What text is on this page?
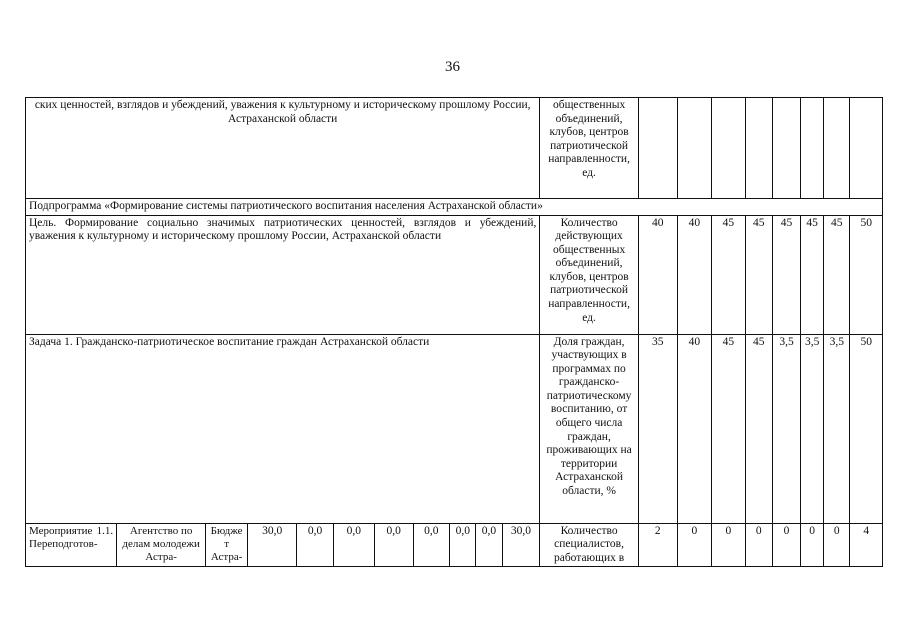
36
ских ценностей, взглядов и убеждений, уважения к культурному и историческому прошлому России, Астраханской области											общественных объединений, клубов, центров патриотической направленности, ед.								
Подпрограмма «Формирование системы патриотического воспитания населения Астраханской области»																			
Цель. Формирование социально значимых патриотических ценностей, взглядов и убеждений, уважения к культурному и историческому прошлому России, Астраханской области											Количество действующих общественных объединений, клубов, центров патриотической направленности, ед.	40	40	45	45	45	45	45	50
Задача 1. Гражданско-патриотическое воспитание граждан Астраханской области											Доля граждан, участвующих в программах по гражданско-патриотическому воспитанию, от общего числа граждан, проживающих на территории Астраханской области, %	35	40	45	45	3,5	3,5	3,5	50
Мероприятие 1.1. Переподготов-	Агентство по делам молодежи Астра-	Бюджет Астра-	30,0	0,0	0,0	0,0	0,0	0,0	0,0	30,0	Количество специалистов, работающих в	2	0	0	0	0	0	0	4
